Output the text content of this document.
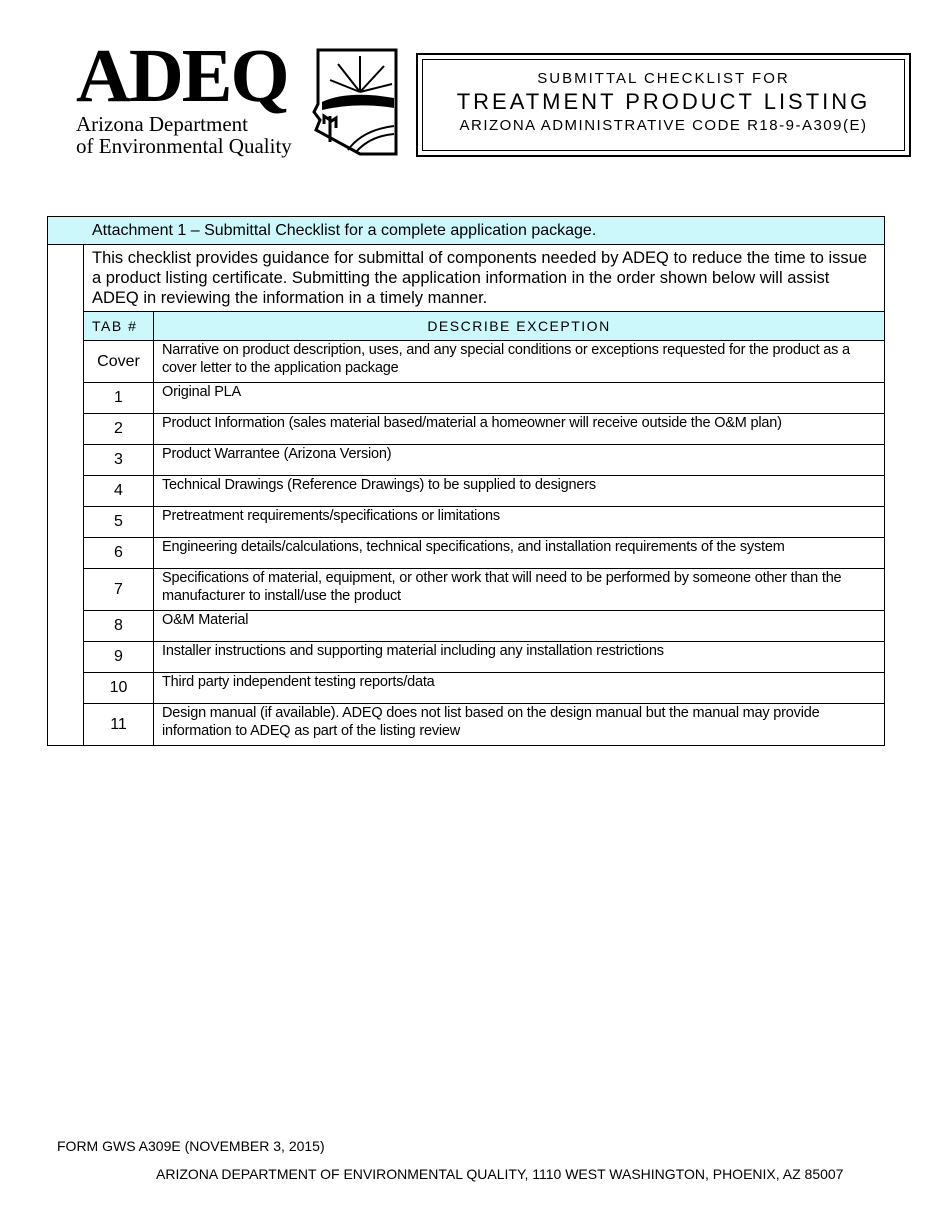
ADEQ
Arizona Department
of Environmental Quality
SUBMITTAL CHECKLIST FOR
TREATMENT PRODUCT LISTING
ARIZONA ADMINISTRATIVE CODE R18-9-A309(E)
Attachment 1 – Submittal Checklist for a complete application package.		
	This checklist provides guidance for submittal of components needed by ADEQ to reduce the time to issue a product listing certificate. Submitting the application information in the order shown below will assist ADEQ in reviewing the information in a timely manner.	
	TAB #	DESCRIBE EXCEPTION
	Cover	Narrative on product description, uses, and any special conditions or exceptions requested for the product as a cover letter to the application package
	1	Original PLA
	2	Product Information (sales material based/material a homeowner will receive outside the O&M plan)
	3	Product Warrantee (Arizona Version)
	4	Technical Drawings (Reference Drawings) to be supplied to designers
	5	Pretreatment requirements/specifications or limitations
	6	Engineering details/calculations, technical specifications, and installation requirements of the system
	7	Specifications of material, equipment, or other work that will need to be performed by someone other than the manufacturer to install/use the product
	8	O&M Material
	9	Installer instructions and supporting material including any installation restrictions
	10	Third party independent testing reports/data
	11	Design manual (if available). ADEQ does not list based on the design manual but the manual may provide information to ADEQ as part of the listing review
FORM GWS A309E (NOVEMBER 3, 2015)
ARIZONA DEPARTMENT OF ENVIRONMENTAL QUALITY, 1110 WEST WASHINGTON, PHOENIX, AZ 85007
